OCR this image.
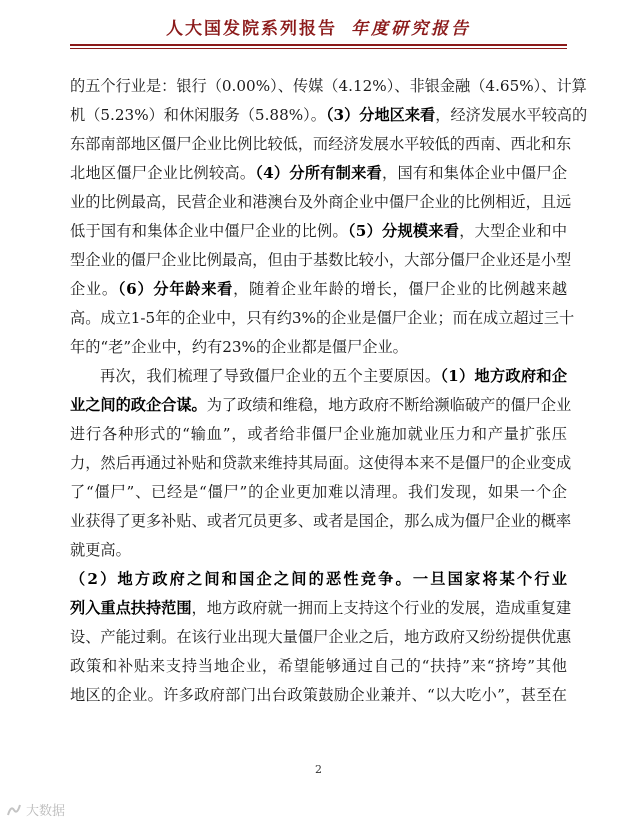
人大国发院系列报告 年度研究报告
的五个行业是：银行（0.00%）、传媒（4.12%）、非银金融（4.65%）、计算
机（5.23%）和休闲服务（5.88%）。（3）分地区来看，经济发展水平较高的
东部南部地区僵尸企业比例比较低，而经济发展水平较低的西南、西北和东
北地区僵尸企业比例较高。（4）分所有制来看，国有和集体企业中僵尸企
业的比例最高，民营企业和港澳台及外商企业中僵尸企业的比例相近，且远
低于国有和集体企业中僵尸企业的比例。（5）分规模来看，大型企业和中
型企业的僵尸企业比例最高，但由于基数比较小，大部分僵尸企业还是小型
企业。（6）分年龄来看，随着企业年龄的增长，僵尸企业的比例越来越
高。成立1-5年的企业中，只有约3%的企业是僵尸企业；而在成立超过三十
年的“老”企业中，约有23%的企业都是僵尸企业。
再次，我们梳理了导致僵尸企业的五个主要原因。（1）地方政府和企
业之间的政企合谋。为了政绩和维稳，地方政府不断给濒临破产的僵尸企业
进行各种形式的“输血”，或者给非僵尸企业施加就业压力和产量扩张压
力，然后再通过补贴和贷款来维持其局面。这使得本来不是僵尸的企业变成
了“僵尸”、已经是“僵尸”的企业更加难以清理。我们发现，如果一个企
业获得了更多补贴、或者冗员更多、或者是国企，那么成为僵尸企业的概率
就更高。
（2）地方政府之间和国企之间的恶性竞争。一旦国家将某个行业
列入重点扶持范围，地方政府就一拥而上支持这个行业的发展，造成重复建
设、产能过剩。在该行业出现大量僵尸企业之后，地方政府又纷纷提供优惠
政策和补贴来支持当地企业，希望能够通过自己的“扶持”来“挤垮”其他
地区的企业。许多政府部门出台政策鼓励企业兼并、“以大吃小”，甚至在
2
大数据
